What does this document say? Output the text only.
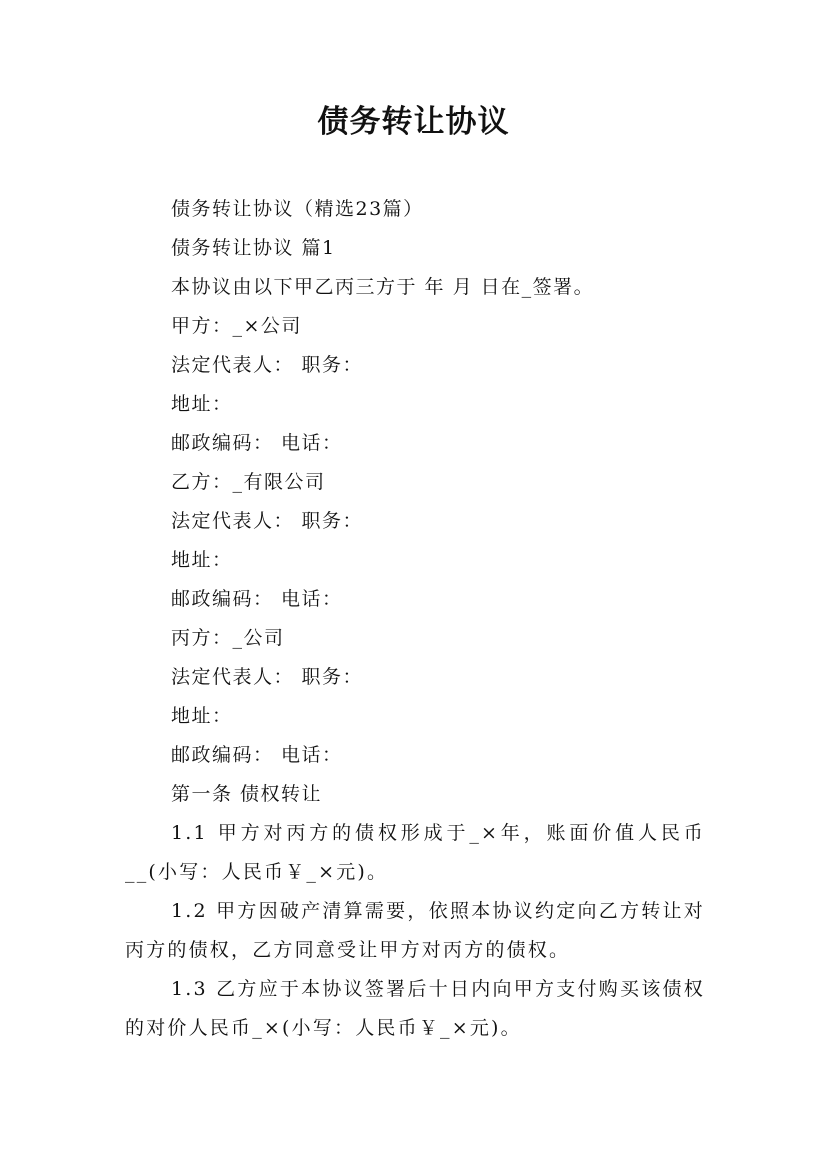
债务转让协议

债务转让协议（精选23篇）

债务转让协议 篇1

本协议由以下甲乙丙三方于 年 月 日在_签署。

甲方：_×公司

法定代表人： 职务：

地址：

邮政编码： 电话：

乙方：_有限公司

法定代表人： 职务：

地址：

邮政编码： 电话：

丙方：_公司

法定代表人： 职务：

地址：

邮政编码： 电话：

第一条 债权转让

1.1 甲方对丙方的债权形成于_×年，账面价值人民币__(小写：人民币￥_×元)。

1.2 甲方因破产清算需要，依照本协议约定向乙方转让对丙方的债权，乙方同意受让甲方对丙方的债权。

1.3 乙方应于本协议签署后十日内向甲方支付购买该债权的对价人民币_×(小写：人民币￥_×元)。
